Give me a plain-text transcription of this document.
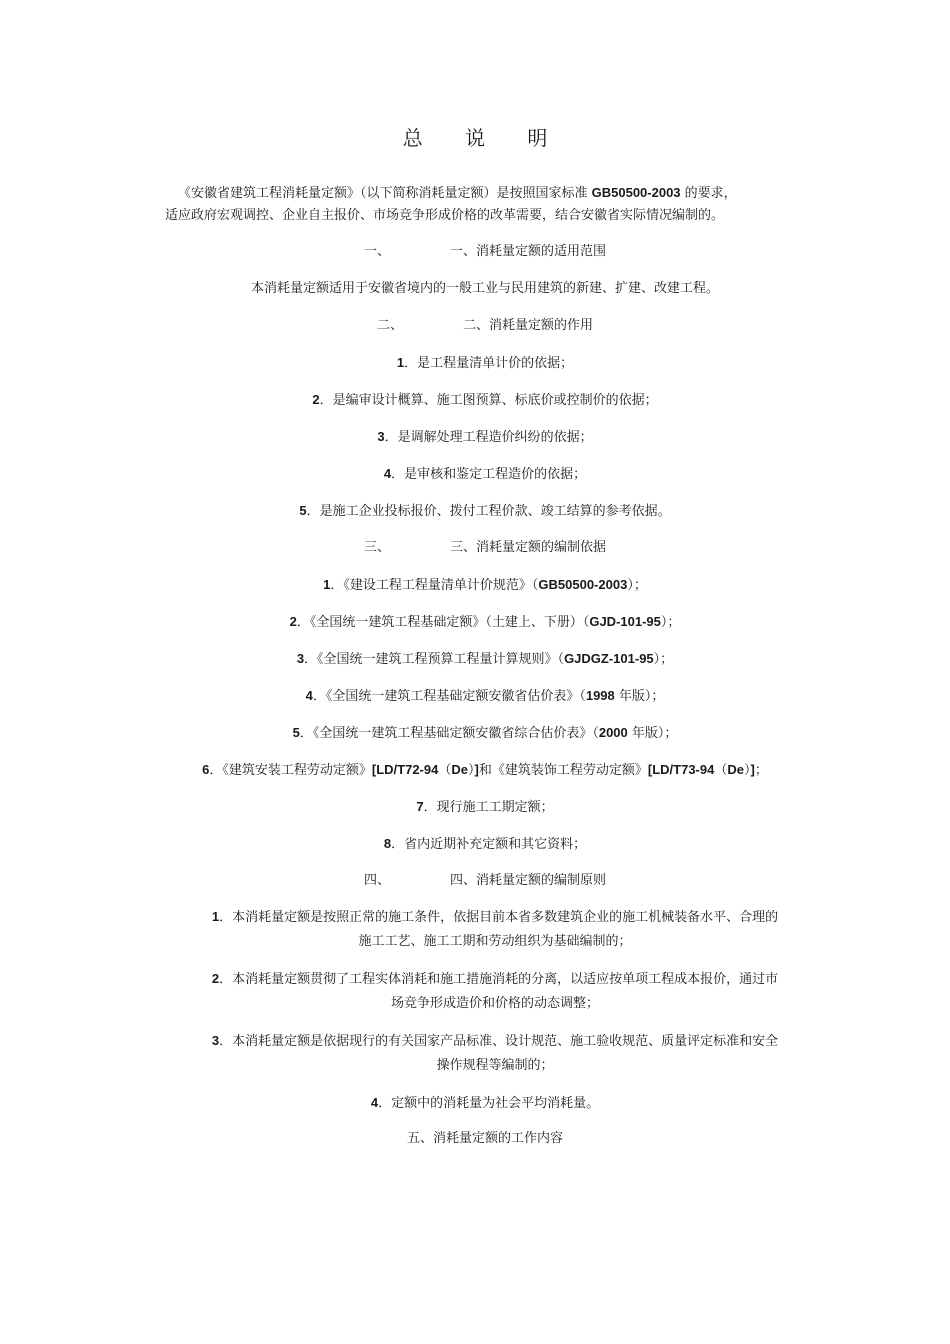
总 说 明
《安徽省建筑工程消耗量定额》（以下简称消耗量定额）是按照国家标准 GB50500-2003 的要求，
适应政府宏观调控、企业自主报价、市场竞争形成价格的改革需要，结合安徽省实际情况编制的。
一、	一、消耗量定额的适用范围
本消耗量定额适用于安徽省境内的一般工业与民用建筑的新建、扩建、改建工程。
二、	二、消耗量定额的作用
1．是工程量清单计价的依据；
2．是编审设计概算、施工图预算、标底价或控制价的依据；
3．是调解处理工程造价纠纷的依据；
4．是审核和鉴定工程造价的依据；
5．是施工企业投标报价、拨付工程价款、竣工结算的参考依据。
三、	三、消耗量定额的编制依据
1．《建设工程工程量清单计价规范》（GB50500-2003）；
2．《全国统一建筑工程基础定额》（土建上、下册）（GJD-101-95）；
3．《全国统一建筑工程预算工程量计算规则》（GJDGZ-101-95）；
4．《全国统一建筑工程基础定额安徽省估价表》（1998 年版）；
5．《全国统一建筑工程基础定额安徽省综合估价表》（2000 年版）；
6．《建筑安装工程劳动定额》[LD/T72-94（De）]和《建筑装饰工程劳动定额》[LD/T73-94（De）]；
7．现行施工工期定额；
8．省内近期补充定额和其它资料；
四、	四、消耗量定额的编制原则
1．本消耗量定额是按照正常的施工条件，依据目前本省多数建筑企业的施工机械装备水平、合理的
施工工艺、施工工期和劳动组织为基础编制的；
2．本消耗量定额贯彻了工程实体消耗和施工措施消耗的分离，以适应按单项工程成本报价，通过市
场竞争形成造价和价格的动态调整；
3．本消耗量定额是依据现行的有关国家产品标准、设计规范、施工验收规范、质量评定标准和安全
操作规程等编制的；
4．定额中的消耗量为社会平均消耗量。
五、消耗量定额的工作内容
